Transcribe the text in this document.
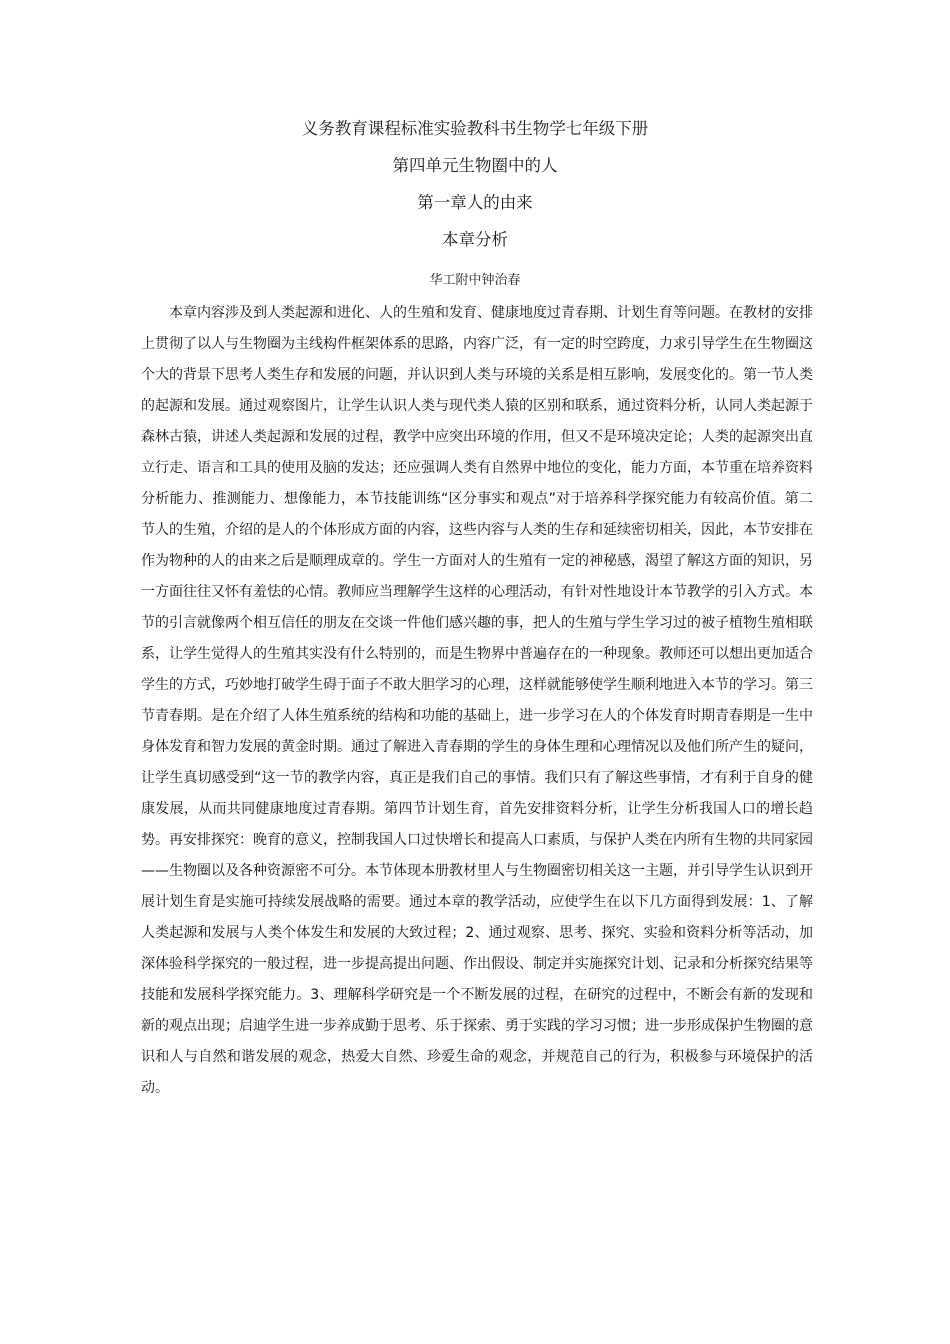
义务教育课程标准实验教科书生物学七年级下册
第四单元生物圈中的人
第一章人的由来
本章分析
华工附中钟治春

本章内容涉及到人类起源和进化、人的生殖和发育、健康地度过青春期、计划生育等问题。在教材的安排上贯彻了以人与生物圈为主线构件框架体系的思路，内容广泛，有一定的时空跨度，力求引导学生在生物圈这个大的背景下思考人类生存和发展的问题，并认识到人类与环境的关系是相互影响，发展变化的。第一节人类的起源和发展。通过观察图片，让学生认识人类与现代类人猿的区别和联系，通过资料分析，认同人类起源于森林古猿，讲述人类起源和发展的过程，教学中应突出环境的作用，但又不是环境决定论；人类的起源突出直立行走、语言和工具的使用及脑的发达；还应强调人类有自然界中地位的变化，能力方面，本节重在培养资料分析能力、推测能力、想像能力，本节技能训练“区分事实和观点”对于培养科学探究能力有较高价值。第二节人的生殖，介绍的是人的个体形成方面的内容，这些内容与人类的生存和延续密切相关，因此，本节安排在作为物种的人的由来之后是顺理成章的。学生一方面对人的生殖有一定的神秘感，渴望了解这方面的知识，另一方面往往又怀有羞怯的心情。教师应当理解学生这样的心理活动，有针对性地设计本节教学的引入方式。本节的引言就像两个相互信任的朋友在交谈一件他们感兴趣的事，把人的生殖与学生学习过的被子植物生殖相联系，让学生觉得人的生殖其实没有什么特别的，而是生物界中普遍存在的一种现象。教师还可以想出更加适合学生的方式，巧妙地打破学生碍于面子不敢大胆学习的心理，这样就能够使学生顺利地进入本节的学习。第三节青春期。是在介绍了人体生殖系统的结构和功能的基础上，进一步学习在人的个体发育时期青春期是一生中身体发育和智力发展的黄金时期。通过了解进入青春期的学生的身体生理和心理情况以及他们所产生的疑问，让学生真切感受到“这一节的教学内容，真正是我们自己的事情。我们只有了解这些事情，才有利于自身的健康发展，从而共同健康地度过青春期。第四节计划生育，首先安排资料分析，让学生分析我国人口的增长趋势。再安排探究：晚育的意义，控制我国人口过快增长和提高人口素质，与保护人类在内所有生物的共同家园——生物圈以及各种资源密不可分。本节体现本册教材里人与生物圈密切相关这一主题，并引导学生认识到开展计划生育是实施可持续发展战略的需要。通过本章的教学活动，应使学生在以下几方面得到发展：1、了解人类起源和发展与人类个体发生和发展的大致过程；2、通过观察、思考、探究、实验和资料分析等活动，加深体验科学探究的一般过程，进一步提高提出问题、作出假设、制定并实施探究计划、记录和分析探究结果等技能和发展科学探究能力。3、理解科学研究是一个不断发展的过程，在研究的过程中，不断会有新的发现和新的观点出现；启迪学生进一步养成勤于思考、乐于探索、勇于实践的学习习惯；进一步形成保护生物圈的意识和人与自然和谐发展的观念，热爱大自然、珍爱生命的观念，并规范自己的行为，积极参与环境保护的活动。
